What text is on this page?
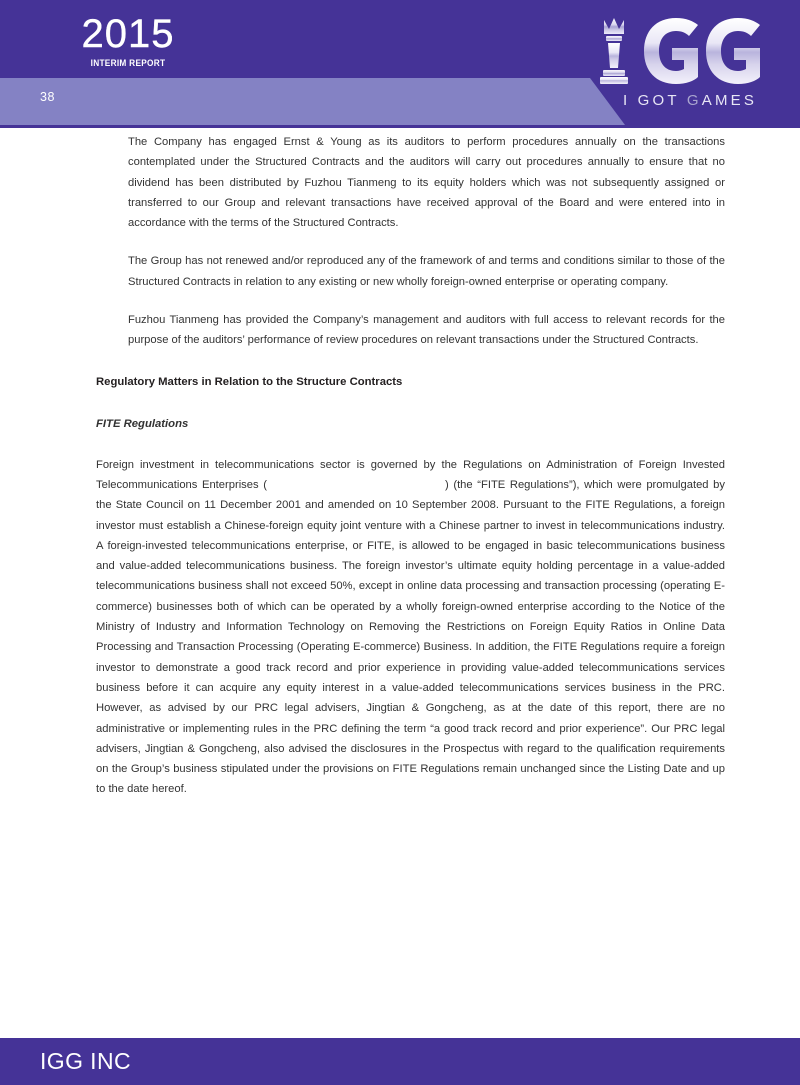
2015
INTERIM REPORT
38	I GOT GAMES

The Company has engaged Ernst & Young as its auditors to perform procedures annually on the transactions contemplated under the Structured Contracts and the auditors will carry out procedures annually to ensure that no dividend has been distributed by Fuzhou Tianmeng to its equity holders which was not subsequently assigned or transferred to our Group and relevant transactions have received approval of the Board and were entered into in accordance with the terms of the Structured Contracts.

The Group has not renewed and/or reproduced any of the framework of and terms and conditions similar to those of the Structured Contracts in relation to any existing or new wholly foreign-owned enterprise or operating company.

Fuzhou Tianmeng has provided the Company’s management and auditors with full access to relevant records for the purpose of the auditors’ performance of review procedures on relevant transactions under the Structured Contracts.

Regulatory Matters in Relation to the Structure Contracts
FITE Regulations

Foreign investment in telecommunications sector is governed by the Regulations on Administration of Foreign Invested Telecommunications Enterprises (	) (the “FITE Regulations”), which were promulgated by the State Council on 11 December 2001 and amended on 10 September 2008. Pursuant to the FITE Regulations, a foreign investor must establish a Chinese-foreign equity joint venture with a Chinese partner to invest in telecommunications industry. A foreign-invested telecommunications enterprise, or FITE, is allowed to be engaged in basic telecommunications business and value-added telecommunications business. The foreign investor’s ultimate equity holding percentage in a value-added telecommunications business shall not exceed 50%, except in online data processing and transaction processing (operating E-commerce) businesses both of which can be operated by a wholly foreign-owned enterprise according to the Notice of the Ministry of Industry and Information Technology on Removing the Restrictions on Foreign Equity Ratios in Online Data Processing and Transaction Processing (Operating E-commerce) Business. In addition, the FITE Regulations require a foreign investor to demonstrate a good track record and prior experience in providing value-added telecommunications services business before it can acquire any equity interest in a value-added telecommunications services business in the PRC. However, as advised by our PRC legal advisers, Jingtian & Gongcheng, as at the date of this report, there are no administrative or implementing rules in the PRC defining the term “a good track record and prior experience”. Our PRC legal advisers, Jingtian & Gongcheng, also advised the disclosures in the Prospectus with regard to the qualification requirements on the Group’s business stipulated under the provisions on FITE Regulations remain unchanged since the Listing Date and up to the date hereof.

IGG INC
